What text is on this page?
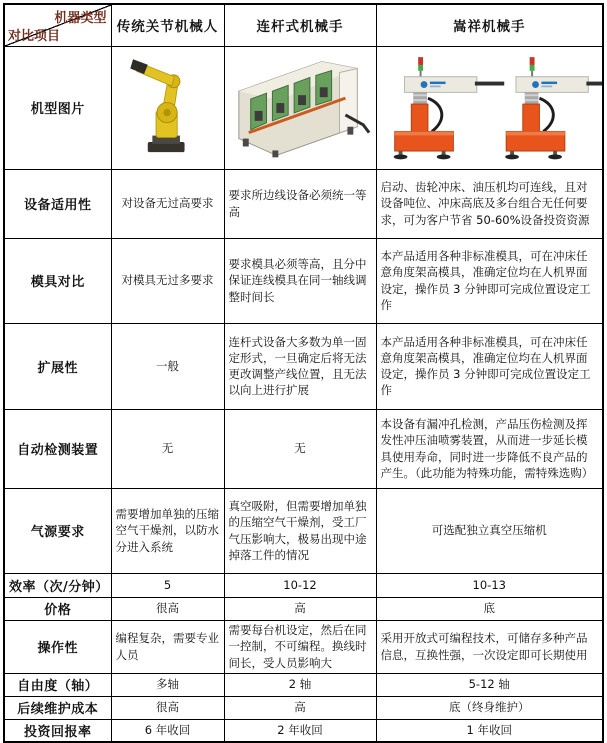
机器类型
对比项目	传统关节机械人	连杆式机械手	嵩祥机械手
机型图片	

设备适用性	对设备无过高要求	要求所边线设备必须统一等高	启动、齿轮冲床、油压机均可连线，且对设备吨位、冲床高底及多台组合无任何要求，可为客户节省 50-60%设备投资资源
模具对比	对模具无过多要求	要求模具必须等高，且分中保证连线模具在同一轴线调整时间长	本产品适用各种非标准模具，可在冲床任意角度架高模具，准确定位均在人机界面设定，操作员 3 分钟即可完成位置设定工作
扩展性	一般	连杆式设备大多数为单一固定形式，一旦确定后将无法更改调整产线位置，且无法以向上进行扩展	本产品适用各种非标准模具，可在冲床任意角度架高模具，准确定位均在人机界面设定，操作员 3 分钟即可完成位置设定工作
自动检测装置	无	无	本设备有漏冲孔检测，产品压伤检测及挥发性冲压油喷雾装置，从而进一步延长模具使用寿命，同时进一步降低不良产品的产生。（此功能为特殊功能，需特殊选购）
气源要求	需要增加单独的压缩空气干燥剂，以防水分进入系统	真空吸附，但需要增加单独的压缩空气干燥剂，受工厂气压影响大，极易出现中途掉落工件的情况	可选配独立真空压缩机
效率（次/分钟）	5	10-12	10-13
价格	很高	高	底
操作性	编程复杂，需要专业人员	需要每台机设定，然后在同一控制，不可编程。换线时间长，受人员影响大	采用开放式可编程技术，可储存多种产品信息，互换性强，一次设定即可长期使用
自由度（轴）	多轴	2 轴	5-12 轴
后续维护成本	很高	高	底（终身维护）
投资回报率	6 年收回	2 年收回	1 年收回
